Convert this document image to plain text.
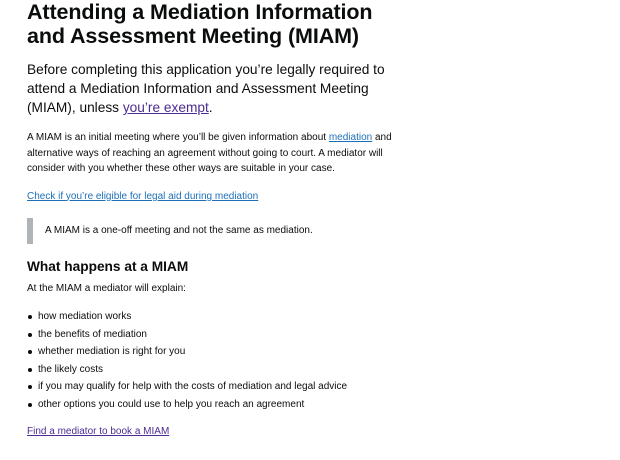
Attending a Mediation Information and Assessment Meeting (MIAM)

Before completing this application you’re legally required to attend a Mediation Information and Assessment Meeting (MIAM), unless you’re exempt.

A MIAM is an initial meeting where you’ll be given information about mediation and alternative ways of reaching an agreement without going to court. A mediator will consider with you whether these other ways are suitable in your case.

Check if you’re eligible for legal aid during mediation
A MIAM is a one-off meeting and not the same as mediation.
What happens at a MIAM

At the MIAM a mediator will explain:

how mediation works
the benefits of mediation
whether mediation is right for you
the likely costs
if you may qualify for help with the costs of mediation and legal advice
other options you could use to help you reach an agreement
Find a mediator to book a MIAM
